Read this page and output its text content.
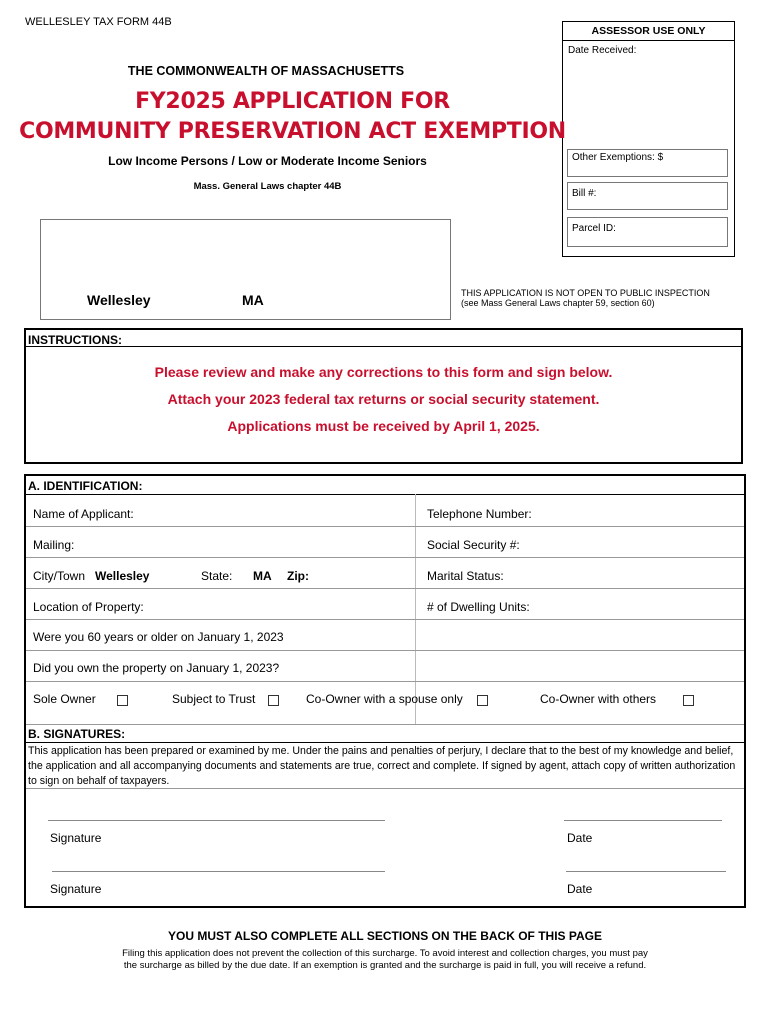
WELLESLEY TAX FORM 44B
ASSESSOR USE ONLY
Date Received:
Other Exemptions: $
Bill #:
Parcel ID:
THE COMMONWEALTH OF MASSACHUSETTS
FY2025 APPLICATION FOR
COMMUNITY PRESERVATION ACT EXEMPTION
Low Income Persons / Low or Moderate Income Seniors
Mass. General Laws chapter 44B
Wellesley	MA	THIS APPLICATION IS NOT OPEN TO PUBLIC INSPECTION
(see Mass General Laws chapter 59, section 60)
INSTRUCTIONS:
Please review and make any corrections to this form and sign below.
Attach your 2023 federal tax returns or social security statement.
Applications must be received by April 1, 2025.
A. IDENTIFICATION:
Name of Applicant:	Telephone Number:
Mailing:	Social Security #:
City/Town Wellesley	State: MA Zip:	Marital Status:
Location of Property:	# of Dwelling Units:
Were you 60 years or older on January 1, 2023
Did you own the property on January 1, 2023?
Sole Owner	Subject to Trust	Co-Owner with a spouse only	Co-Owner with others
B. SIGNATURES:
This application has been prepared or examined by me. Under the pains and penalties of perjury, I declare that to the best of my knowledge and belief, the application and all accompanying documents and statements are true, correct and complete. If signed by agent, attach copy of written authorization to sign on behalf of taxpayers.
Signature	Date
Signature	Date
YOU MUST ALSO COMPLETE ALL SECTIONS ON THE BACK OF THIS PAGE
Filing this application does not prevent the collection of this surcharge. To avoid interest and collection charges, you must pay
the surcharge as billed by the due date. If an exemption is granted and the surcharge is paid in full, you will receive a refund.
